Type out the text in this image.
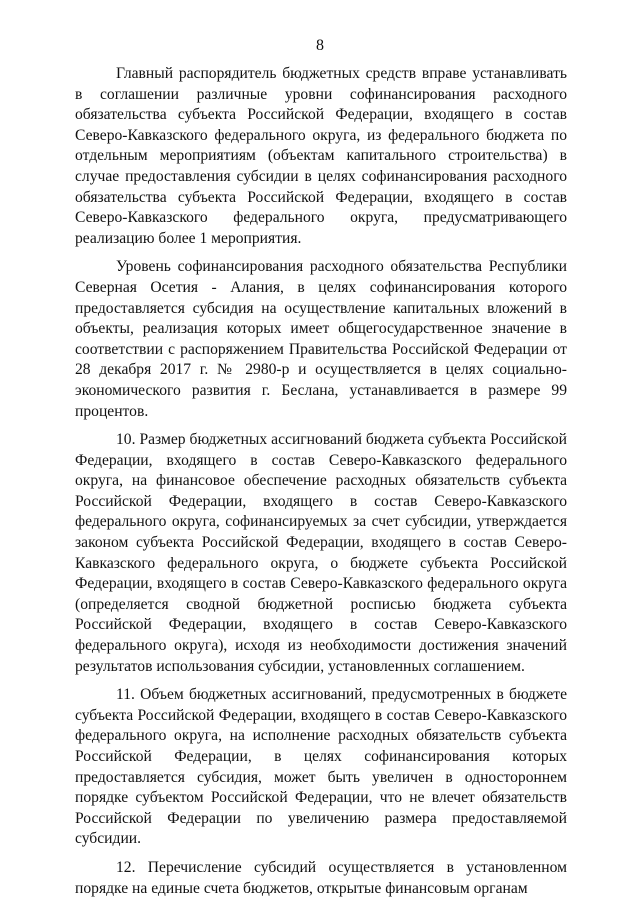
8

Главный распорядитель бюджетных средств вправе устанавливать в соглашении различные уровни софинансирования расходного обязательства субъекта Российской Федерации, входящего в состав Северо-Кавказского федерального округа, из федерального бюджета по отдельным мероприятиям (объектам капитального строительства) в случае предоставления субсидии в целях софинансирования расходного обязательства субъекта Российской Федерации, входящего в состав Северо-Кавказского федерального округа, предусматривающего реализацию более 1 мероприятия.

Уровень софинансирования расходного обязательства Республики Северная Осетия - Алания, в целях софинансирования которого предоставляется субсидия на осуществление капитальных вложений в объекты, реализация которых имеет общегосударственное значение в соответствии с распоряжением Правительства Российской Федерации от 28 декабря 2017 г. № 2980-р и осуществляется в целях социально-экономического развития г. Беслана, устанавливается в размере 99 процентов.

10. Размер бюджетных ассигнований бюджета субъекта Российской Федерации, входящего в состав Северо-Кавказского федерального округа, на финансовое обеспечение расходных обязательств субъекта Российской Федерации, входящего в состав Северо-Кавказского федерального округа, софинансируемых за счет субсидии, утверждается законом субъекта Российской Федерации, входящего в состав Северо-Кавказского федерального округа, о бюджете субъекта Российской Федерации, входящего в состав Северо-Кавказского федерального округа (определяется сводной бюджетной росписью бюджета субъекта Российской Федерации, входящего в состав Северо-Кавказского федерального округа), исходя из необходимости достижения значений результатов использования субсидии, установленных соглашением.

11. Объем бюджетных ассигнований, предусмотренных в бюджете субъекта Российской Федерации, входящего в состав Северо-Кавказского федерального округа, на исполнение расходных обязательств субъекта Российской Федерации, в целях софинансирования которых предоставляется субсидия, может быть увеличен в одностороннем порядке субъектом Российской Федерации, что не влечет обязательств Российской Федерации по увеличению размера предоставляемой субсидии.

12. Перечисление субсидий осуществляется в установленном порядке на единые счета бюджетов, открытые финансовым органам
